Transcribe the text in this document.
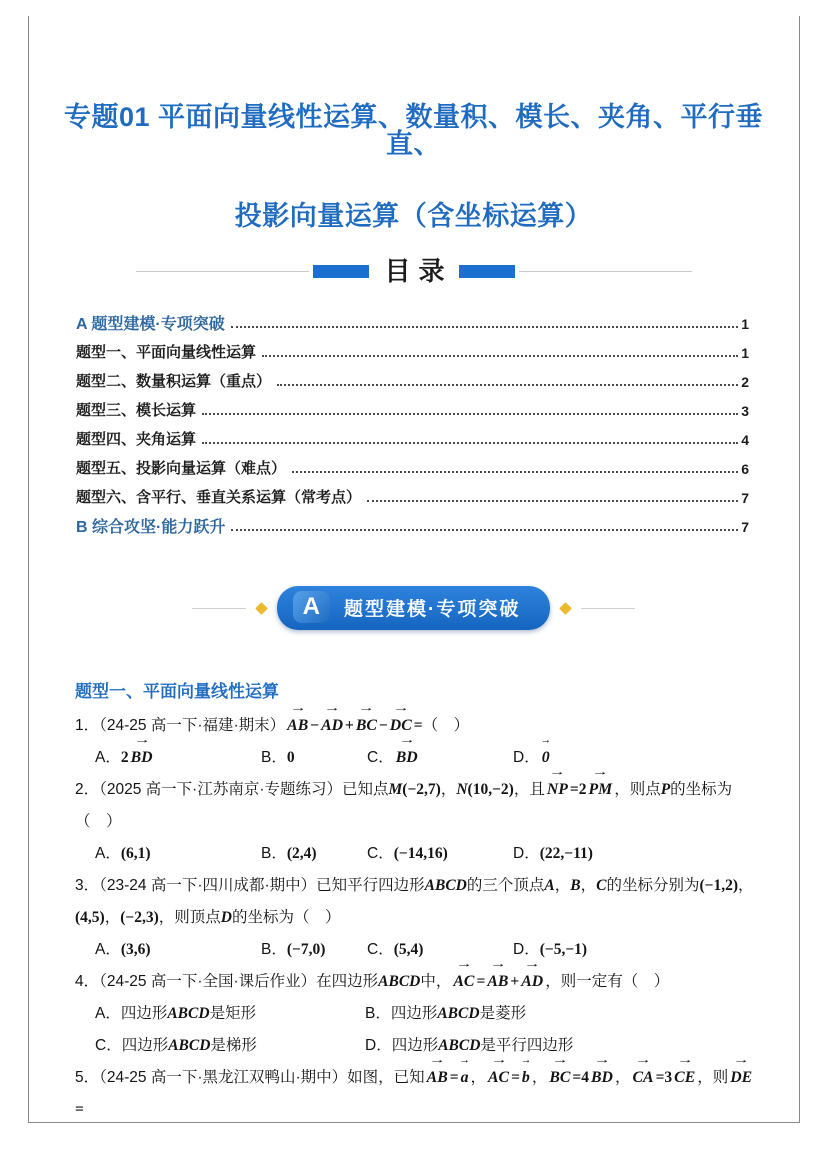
专题01 平面向量线性运算、数量积、模长、夹角、平行垂直、
投影向量运算（含坐标运算）
目录
A 题型建模·专项突破	1
题型一、平面向量线性运算	1
题型二、数量积运算（重点）	2
题型三、模长运算	3
题型四、夹角运算	4
题型五、投影向量运算（难点）	6
题型六、含平行、垂直关系运算（常考点）	7
B 综合攻坚·能力跃升	7
A	题型建模·专项突破
题型一、平面向量线性运算
1．（24-25 高一下·福建·期末）
→
AB −
→
AD +
→
BC −
→
DC =（　）
A．2
→
BD	B．0	C．
→
BD	D．
→
0
2．（2025 高一下·江苏南京·专题练习）已知点M(−2,7)，N(10,−2)，且
→
NP =2
→
PM ，则点P的坐标为
（　）
A．(6,1)	B．(2,4)	C．(−14,16)	D．(22,−11)
3．（23-24 高一下·四川成都·期中）已知平行四边形ABCD的三个顶点A，B，C的坐标分别为(−1,2)，
(4,5)，(−2,3)，则顶点D的坐标为（　）
A．(3,6)	B．(−7,0)	C．(5,4)	D．(−5,−1)
4．（24-25 高一下·全国·课后作业）在四边形ABCD中，
→
AC =
→
AB +
→
AD ，则一定有（　）
A．四边形ABCD是矩形	B．四边形ABCD是菱形
C．四边形ABCD是梯形	D．四边形ABCD是平行四边形
5．（24-25 高一下·黑龙江双鸭山·期中）如图，已知
→
AB =
→
a ，
→
AC =
→
b ，
→
BC =4
→
BD ，
→
CA =3
→
CE ，则
→
DE=
